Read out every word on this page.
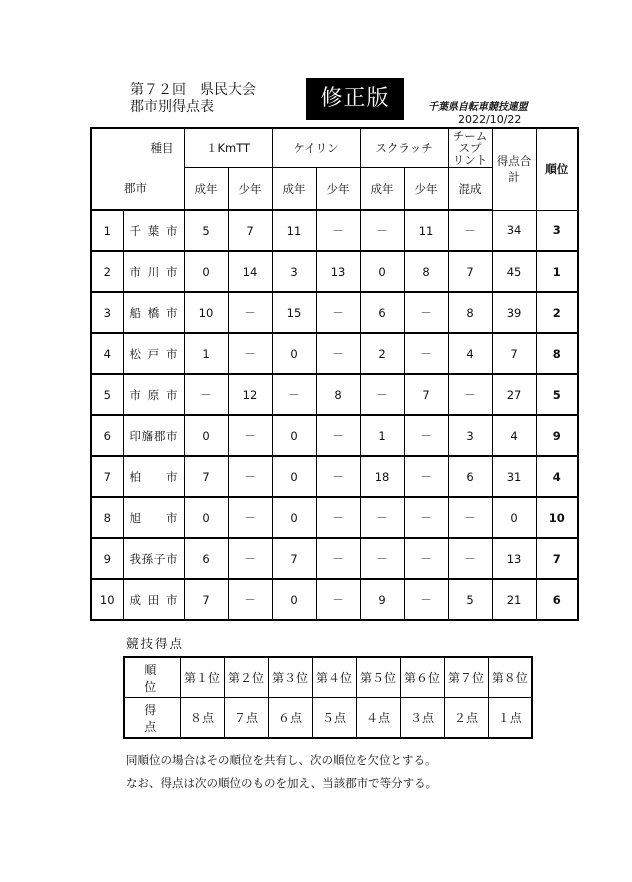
第７２回　県民大会
郡市別得点表	修正版	千葉県自転車競技連盟
2022/10/22
種目		１KmTT		ケイリン		スクラッチ		チームスプ
リント	得点合計	順位
郡市		成年	少年	成年	少年	成年	少年	混成		
1	千葉市	5	7	11	－	－	11	－	34	3
2	市川市	0	14	3	13	0	8	7	45	1
3	船橋市	10	－	15	－	6	－	8	39	2
4	松戸市	1	－	0	－	2	－	4	7	8
5	市原市	－	12	－	8	－	7	－	27	5
6	印旛郡市	0	－	0	－	1	－	3	4	9
7	柏　市	7	－	0	－	18	－	6	31	4
8	旭　市	0	－	0	－	－	－	－	0	10
9	我孫子市	6	－	7	－	－	－	－	13	7
10	成田市	7	－	0	－	9	－	5	21	6
競技得点
順位	第１位	第２位	第３位	第４位	第５位	第６位	第７位	第８位
得点	８点	７点	６点	５点	４点	３点	２点	１点
同順位の場合はその順位を共有し、次の順位を欠位とする。
なお、得点は次の順位のものを加え、当該郡市で等分する。
